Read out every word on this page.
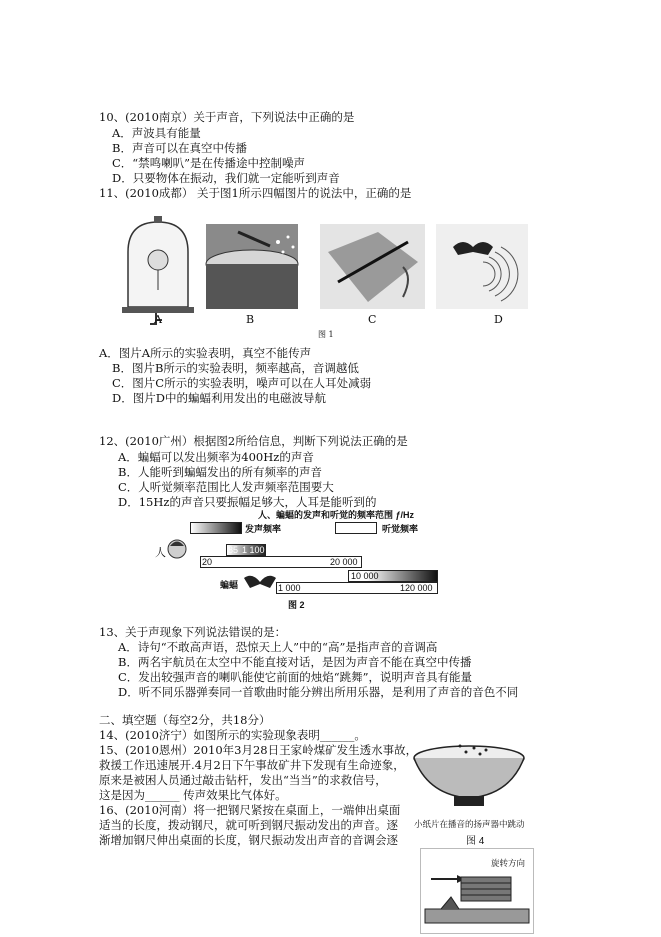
10、(2010南京）关于声音，下列说法中正确的是
A．声波具有能量
B．声音可以在真空中传播
C．“禁鸣喇叭”是在传播途中控制噪声
D．只要物体在振动，我们就一定能听到声音
11、(2010成都） 关于图1所示四幅图片的说法中，正确的是
A	B	C	D
图 1
A．图片A所示的实验表明，真空不能传声
B．图片B所示的实验表明，频率越高，音调越低
C．图片C所示的实验表明，噪声可以在人耳处减弱
D．图片D中的蝙蝠利用发出的电磁波导航
12、(2010广州）根据图2所给信息，判断下列说法正确的是
A．蝙蝠可以发出频率为400Hz的声音
B．人能听到蝙蝠发出的所有频率的声音
C．人听觉频率范围比人发声频率范围要大
D．15Hz的声音只要振幅足够大，人耳是能听到的
人、蝙蝠的发声和听觉的频率范围 ƒ/Hz
发声频率	听觉频率
人	85 1 100
20	20 000
蝙蝠
10 000
1 000	120 000
图 2
13、关于声现象下列说法错误的是：
A．诗句“不敢高声语，恐惊天上人”中的“高”是指声音的音调高
B．两名宇航员在太空中不能直接对话，是因为声音不能在真空中传播
C．发出较强声音的喇叭能使它前面的烛焰“跳舞”，说明声音具有能量
D．听不同乐器弹奏同一首歌曲时能分辨出所用乐器，是利用了声音的音色不同
二、填空题（每空2分，共18分）
14、(2010济宁）如图所示的实验现象表明______。
15、(2010恩州）2010年3月28日王家岭煤矿发生透水事故，
救援工作迅速展开.4月2日下午事故矿井下发现有生命迹象，
原来是被困人员通过敲击钻杆，发出“当当”的求救信号，
这是因为______ 传声效果比气体好。
16、(2010河南）将一把钢尺紧按在桌面上，一端伸出桌面
适当的长度，拨动钢尺，就可听到钢尺振动发出的声音。逐
渐增加钢尺伸出桌面的长度，钢尺振动发出声音的音调会逐
小纸片在播音的扬声器中跳动
图 4
旋转方向
